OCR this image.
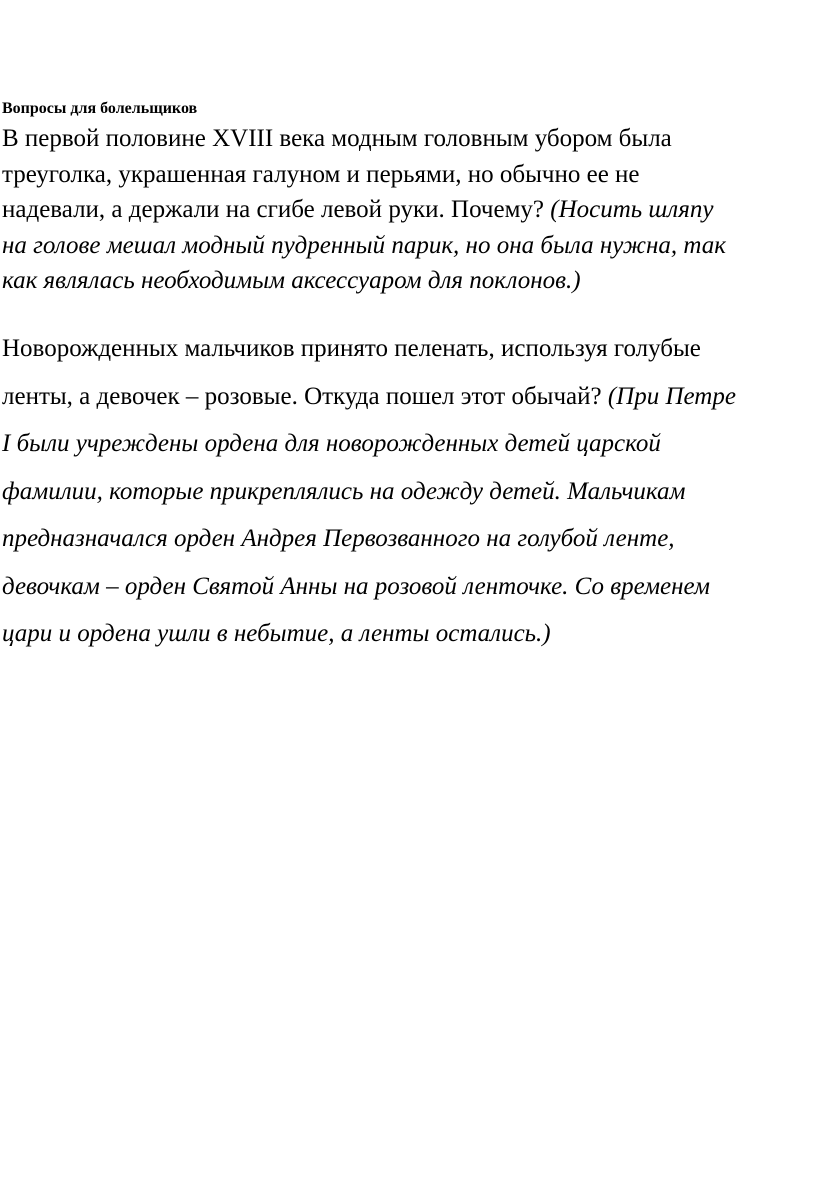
Вопросы для болельщиков
В первой половине XVIII века модным головным убором была
треуголка, украшенная галуном и перьями, но обычно ее не
надевали, а держали на сгибе левой руки. Почему? (Носить шляпу
на голове мешал модный пудренный парик, но она была нужна, так
как являлась необходимым аксессуаром для поклонов.)
Новорожденных мальчиков принято пеленать, используя голубые
ленты, а девочек – розовые. Откуда пошел этот обычай? (При Петре
I были учреждены ордена для новорожденных детей царской
фамилии, которые прикреплялись на одежду детей. Мальчикам
предназначался орден Андрея Первозванного на голубой ленте,
девочкам – орден Святой Анны на розовой ленточке. Со временем
цари и ордена ушли в небытие, а ленты остались.)
